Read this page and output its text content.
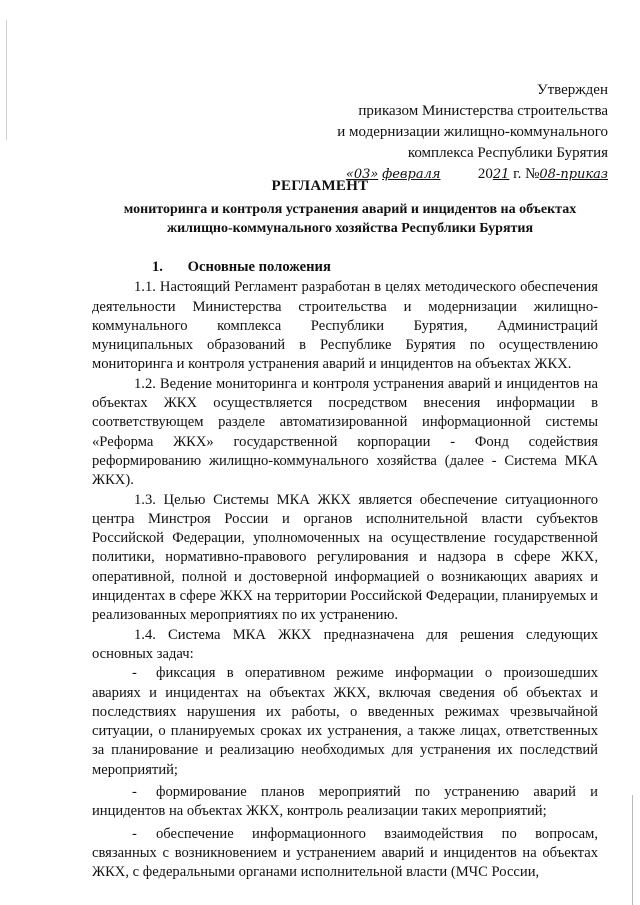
Утвержден
приказом Министерства строительства
и модернизации жилищно-коммунального
комплекса Республики Бурятия
«03» февраля 2021 г. №08-приказ
РЕГЛАМЕНТ
мониторинга и контроля устранения аварий и инцидентов на объектах
жилищно-коммунального хозяйства Республики Бурятия
1. Основные положения

1.1. Настоящий Регламент разработан в целях методического обеспечения деятельности Министерства строительства и модернизации жилищно-коммунального комплекса Республики Бурятия, Администраций муниципальных образований в Республике Бурятия по осуществлению мониторинга и контроля устранения аварий и инцидентов на объектах ЖКХ.

1.2. Ведение мониторинга и контроля устранения аварий и инцидентов на объектах ЖКХ осуществляется посредством внесения информации в соответствующем разделе автоматизированной информационной системы «Реформа ЖКХ» государственной корпорации - Фонд содействия реформированию жилищно-коммунального хозяйства (далее - Система МКА ЖКХ).

1.3. Целью Системы МКА ЖКХ является обеспечение ситуационного центра Минстроя России и органов исполнительной власти субъектов Российской Федерации, уполномоченных на осуществление государственной политики, нормативно-правового регулирования и надзора в сфере ЖКХ, оперативной, полной и достоверной информацией о возникающих авариях и инцидентах в сфере ЖКХ на территории Российской Федерации, планируемых и реализованных мероприятиях по их устранению.

1.4. Система МКА ЖКХ предназначена для решения следующих основных задач:

- фиксация в оперативном режиме информации о произошедших авариях и инцидентах на объектах ЖКХ, включая сведения об объектах и последствиях нарушения их работы, о введенных режимах чрезвычайной ситуации, о планируемых сроках их устранения, а также лицах, ответственных за планирование и реализацию необходимых для устранения их последствий мероприятий;

- формирование планов мероприятий по устранению аварий и инцидентов на объектах ЖКХ, контроль реализации таких мероприятий;

- обеспечение информационного взаимодействия по вопросам, связанных с возникновением и устранением аварий и инцидентов на объектах ЖКХ, с федеральными органами исполнительной власти (МЧС России,
